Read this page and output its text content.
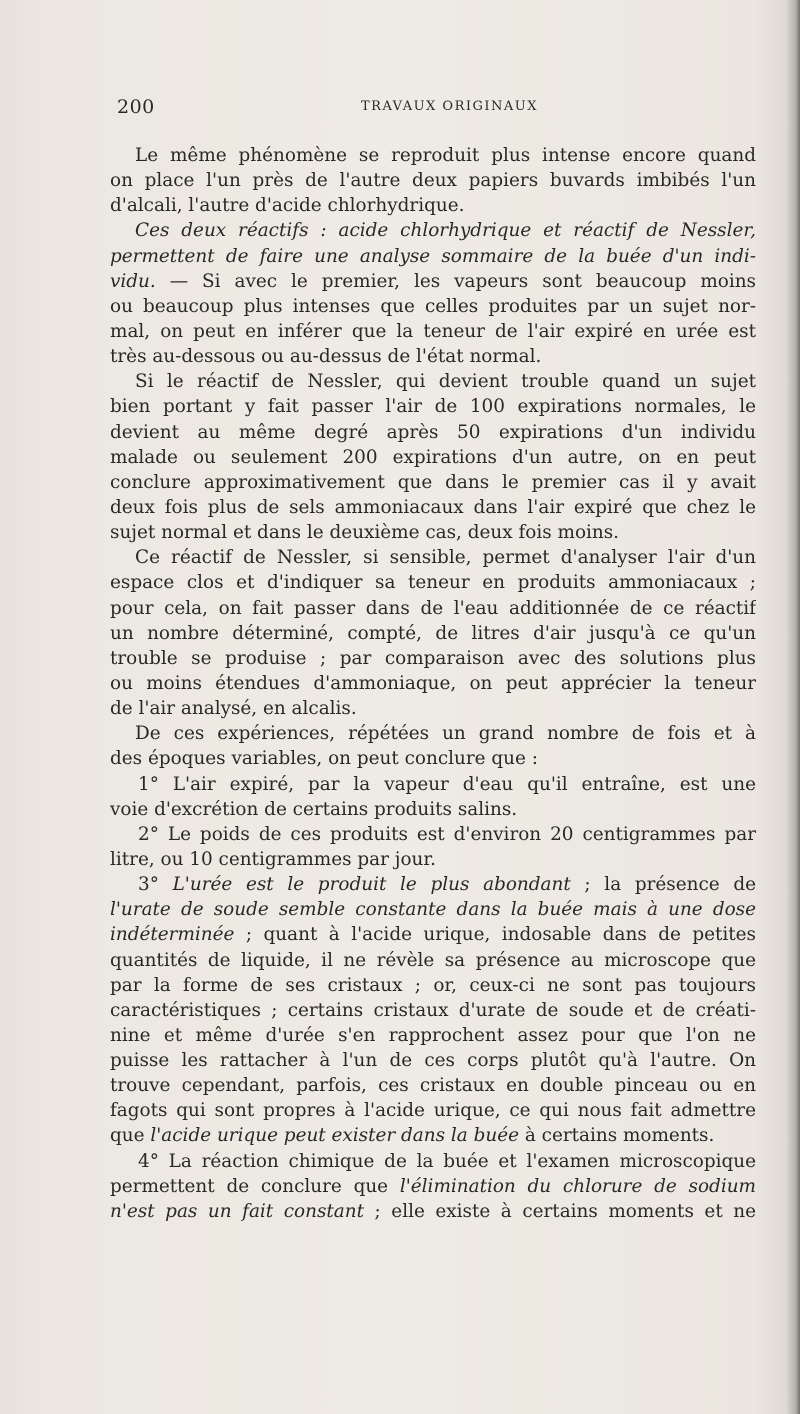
200	TRAVAUX ORIGINAUX
Le même phénomène se reproduit plus intense encore quand
on place l'un près de l'autre deux papiers buvards imbibés l'un
d'alcali, l'autre d'acide chlorhydrique.
Ces deux réactifs : acide chlorhydrique et réactif de Nessler,
permettent de faire une analyse sommaire de la buée d'un indi-
vidu. — Si avec le premier, les vapeurs sont beaucoup moins
ou beaucoup plus intenses que celles produites par un sujet nor-
mal, on peut en inférer que la teneur de l'air expiré en urée est
très au-dessous ou au-dessus de l'état normal.
Si le réactif de Nessler, qui devient trouble quand un sujet
bien portant y fait passer l'air de 100 expirations normales, le
devient au même degré après 50 expirations d'un individu
malade ou seulement 200 expirations d'un autre, on en peut
conclure approximativement que dans le premier cas il y avait
deux fois plus de sels ammoniacaux dans l'air expiré que chez le
sujet normal et dans le deuxième cas, deux fois moins.
Ce réactif de Nessler, si sensible, permet d'analyser l'air d'un
espace clos et d'indiquer sa teneur en produits ammoniacaux ;
pour cela, on fait passer dans de l'eau additionnée de ce réactif
un nombre déterminé, compté, de litres d'air jusqu'à ce qu'un
trouble se produise ; par comparaison avec des solutions plus
ou moins étendues d'ammoniaque, on peut apprécier la teneur
de l'air analysé, en alcalis.
De ces expériences, répétées un grand nombre de fois et à
des époques variables, on peut conclure que :
1° L'air expiré, par la vapeur d'eau qu'il entraîne, est une
voie d'excrétion de certains produits salins.
2° Le poids de ces produits est d'environ 20 centigrammes par
litre, ou 10 centigrammes par jour.
3° L'urée est le produit le plus abondant ; la présence de
l'urate de soude semble constante dans la buée mais à une dose
indéterminée ; quant à l'acide urique, indosable dans de petites
quantités de liquide, il ne révèle sa présence au microscope que
par la forme de ses cristaux ; or, ceux-ci ne sont pas toujours
caractéristiques ; certains cristaux d'urate de soude et de créati-
nine et même d'urée s'en rapprochent assez pour que l'on ne
puisse les rattacher à l'un de ces corps plutôt qu'à l'autre. On
trouve cependant, parfois, ces cristaux en double pinceau ou en
fagots qui sont propres à l'acide urique, ce qui nous fait admettre
que l'acide urique peut exister dans la buée à certains moments.
4° La réaction chimique de la buée et l'examen microscopique
permettent de conclure que l'élimination du chlorure de sodium
n'est pas un fait constant ; elle existe à certains moments et ne
